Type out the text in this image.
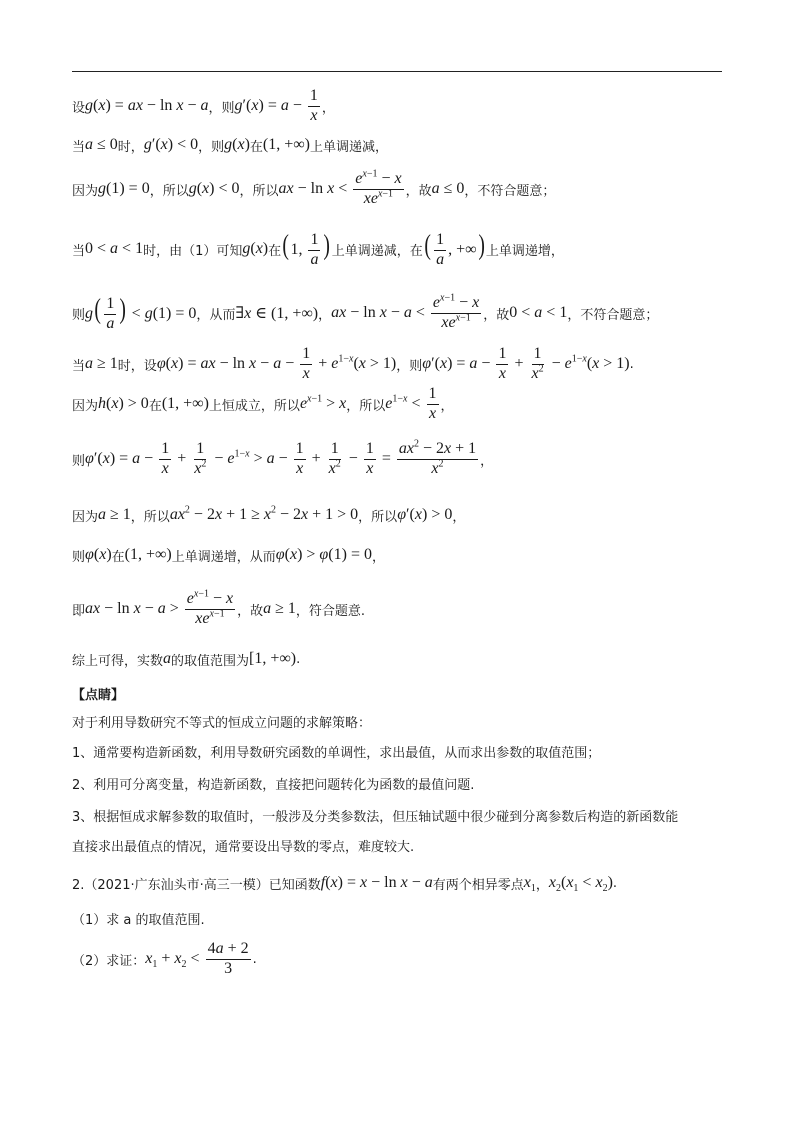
设 g(x) = ax − ln x − a ，则 $g'(x) = a - \frac{1}{x}$ ，
当 a ≤ 0 时， g′(x) < 0 ，则 g(x) 在 (1, +∞) 上单调递减，
因为 g(1) = 0 ，所以 g(x) < 0 ，所以 ax − $\ln x < \frac{e^{x-1} - x}{xe^{x-1}}$ ，故 a ≤ 0 ，不符合题意；
当 0 < a < 1 时，由（1）可知 g(x) 在 (1, $\frac{1}{a}$ ) 上单调递减，在 ( $\frac{1}{a}$ , +∞) 上单调递增，
则 $g( \frac{1}{a}$ ) < g(1) = 0 ，从而 ∃x ∈ (1, +∞) ， ax − $\ln x - a < \frac{e^{x-1} - x}{xe^{x-1}}$ ，故 0 < a < 1 ，不符合题意；
当 a ≥ 1 时，设 φ(x) = ax − $\ln x - a - \frac{1}{x} + e^{1-x}(x > 1)$ ，则 $\varphi'(x) = a - \frac{1}{x} + \frac{1}{x^2} - e^{1-x}(x > 1)$ .
因为 h(x) > 0 在 (1, +∞) 上恒成立，所以 $e^{x-1} > x$ ，所以 $e^{1-x} < \frac{1}{x}$ ，
则 $\varphi'(x) = a - \frac{1}{x} + \frac{1}{x^2} - e^{1-x} > a - \frac{1}{x} + \frac{1}{x^2} - \frac{1}{x} = \frac{ax^2 - 2x + 1}{x^2}$ ，
因为 a ≥ 1 ，所以 $ax^2 - 2x + 1 \ge x^2 - 2x + 1 > 0$ ，所以 φ′(x) > 0 ，
则 φ(x) 在 (1, +∞) 上单调递增，从而 φ(x) > φ(1) = 0 ，
即 ax − $\ln x - a > \frac{e^{x-1} - x}{xe^{x-1}}$ ，故 a ≥ 1 ，符合题意.
综上可得，实数 a 的取值范围为 [1, +∞) .
【点睛】
对于利用导数研究不等式的恒成立问题的求解策略：
1、通常要构造新函数，利用导数研究函数的单调性，求出最值，从而求出参数的取值范围；
2、利用可分离变量，构造新函数，直接把问题转化为函数的最值问题.
3、根据恒成求解参数的取值时，一般涉及分类参数法，但压轴试题中很少碰到分离参数后构造的新函数能
直接求出最值点的情况，通常要设出导数的零点，难度较大.
2.（2021·广东汕头市·高三一模）已知函数 f(x) = x − ln x − a 有两个相异零点 $x_1$ ， $x_2(x_1 < x_2)$ .
（1）求 a 的取值范围.
（2）求证： $x_1 + x_2 < \frac{4a + 2}{3}$ .
